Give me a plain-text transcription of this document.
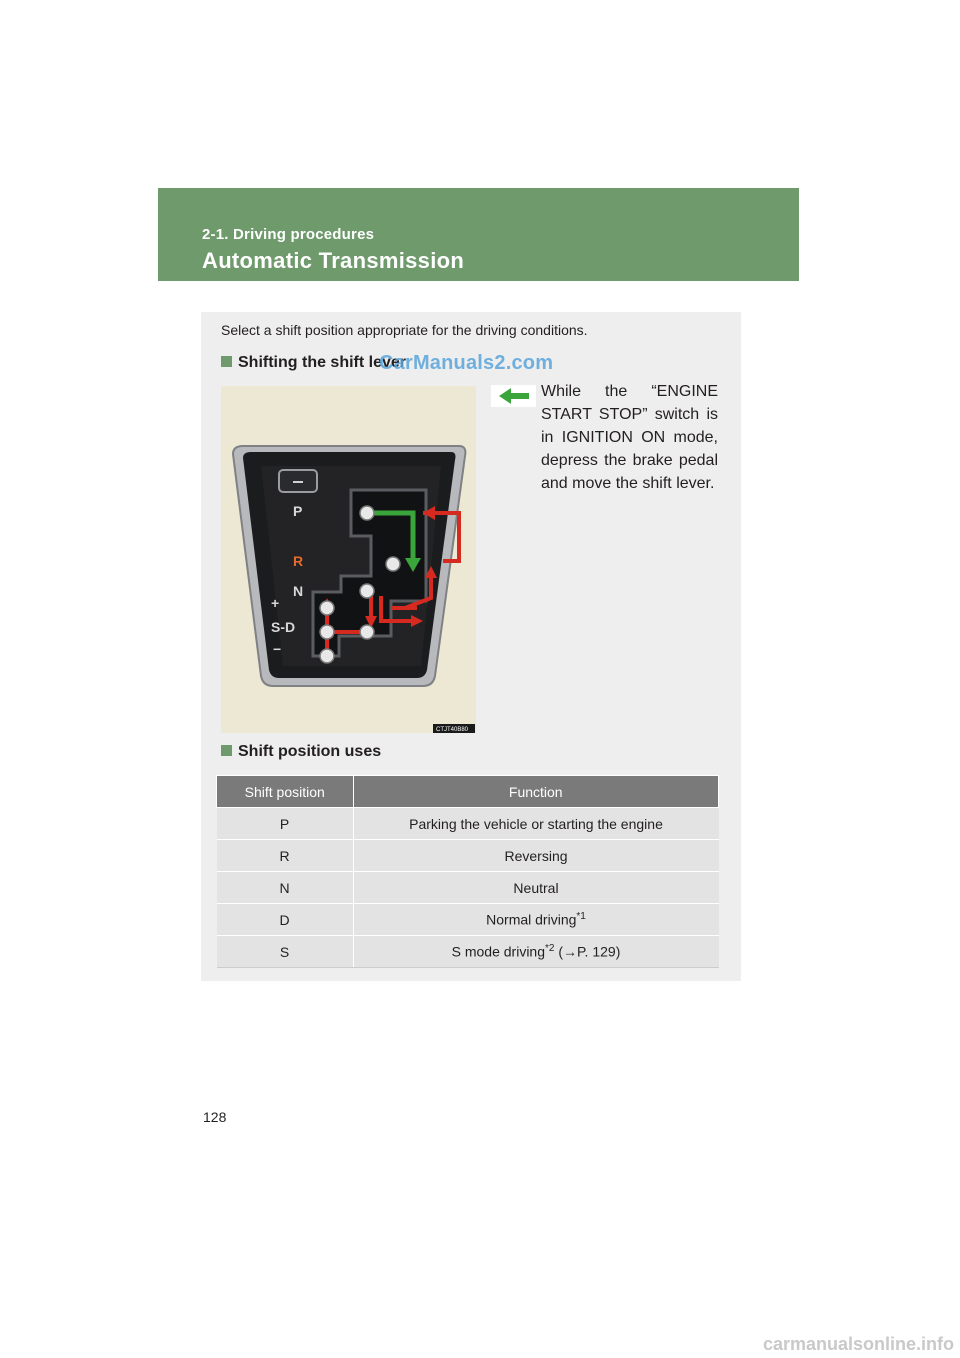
2-1. Driving procedures
Automatic Transmission
Select a shift position appropriate for the driving conditions.
Shifting the shift lever
CarManuals2.com
P
R
N
+
S-D
−
CTJT40B80
While the “ENGINE START STOP” switch is in IGNITION ON mode, depress the brake pedal and move the shift lever.
Shift position uses
Shift position	Function
P	Parking the vehicle or starting the engine
R	Reversing
N	Neutral
D	Normal driving$^{*1}$
S	S mode driving$^{*2}$ (→P. 129)
128
carmanualsonline.info
